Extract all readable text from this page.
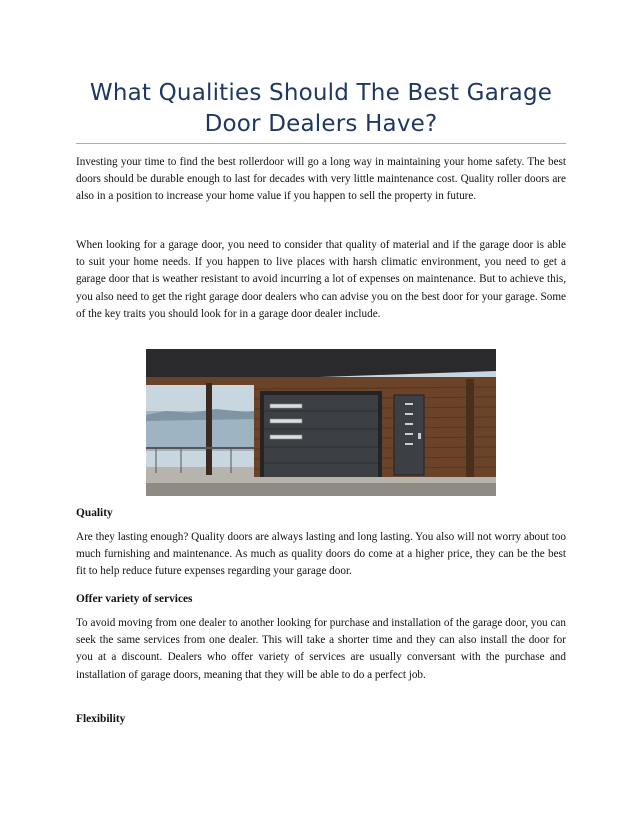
What Qualities Should The Best Garage Door Dealers Have?

Investing your time to find the best rollerdoor will go a long way in maintaining your home safety. The best doors should be durable enough to last for decades with very little maintenance cost. Quality roller doors are also in a position to increase your home value if you happen to sell the property in future.

When looking for a garage door, you need to consider that quality of material and if the garage door is able to suit your home needs. If you happen to live places with harsh climatic environment, you need to get a garage door that is weather resistant to avoid incurring a lot of expenses on maintenance. But to achieve this, you also need to get the right garage door dealers who can advise you on the best door for your garage. Some of the key traits you should look for in a garage door dealer include.

Quality

Are they lasting enough? Quality doors are always lasting and long lasting. You also will not worry about too much furnishing and maintenance. As much as quality doors do come at a higher price, they can be the best fit to help reduce future expenses regarding your garage door.

Offer variety of services

To avoid moving from one dealer to another looking for purchase and installation of the garage door, you can seek the same services from one dealer. This will take a shorter time and they can also install the door for you at a discount. Dealers who offer variety of services are usually conversant with the purchase and installation of garage doors, meaning that they will be able to do a perfect job.

Flexibility
